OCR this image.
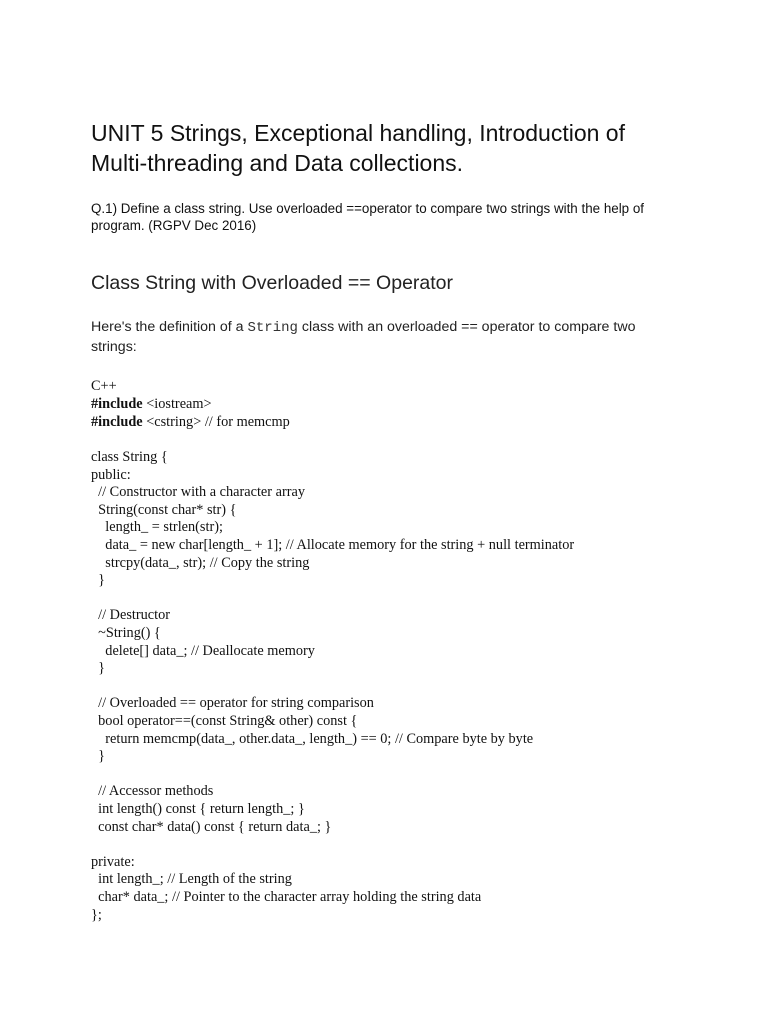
UNIT 5 Strings, Exceptional handling, Introduction of
Multi-threading and Data collections.
Q.1) Define a class string. Use overloaded ==operator to compare two strings with the help of
program. (RGPV Dec 2016)
Class String with Overloaded == Operator
Here's the definition of a String class with an overloaded == operator to compare two
strings:
C++
#include <iostream>
#include <cstring> // for memcmp
class String {
public:
// Constructor with a character array
String(const char* str) {
length_ = strlen(str);
data_ = new char[length_ + 1]; // Allocate memory for the string + null terminator
strcpy(data_, str); // Copy the string
}
// Destructor
~String() {
delete[] data_; // Deallocate memory
}
// Overloaded == operator for string comparison
bool operator==(const String& other) const {
return memcmp(data_, other.data_, length_) == 0; // Compare byte by byte
}
// Accessor methods
int length() const { return length_; }
const char* data() const { return data_; }
private:
int length_; // Length of the string
char* data_; // Pointer to the character array holding the string data
};
